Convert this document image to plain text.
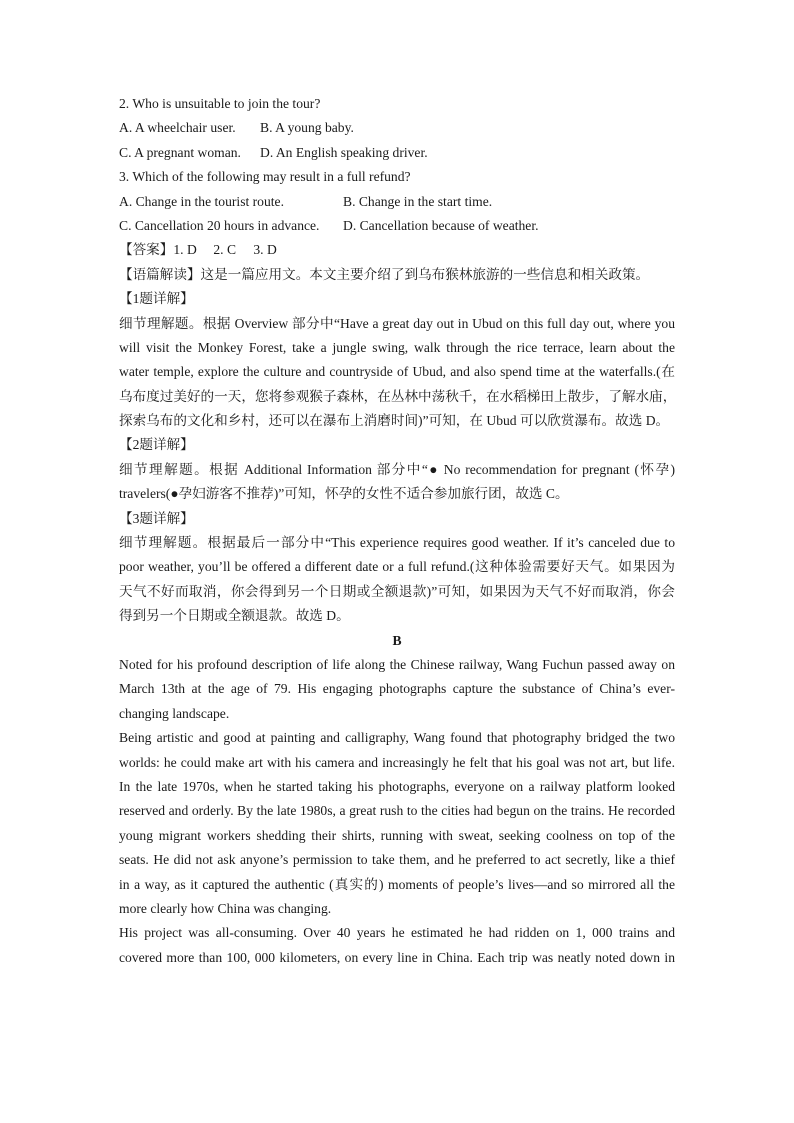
2. Who is unsuitable to join the tour?
A. A wheelchair user. B. A young baby.
C. A pregnant woman. D. An English speaking driver.
3. Which of the following may result in a full refund?
A. Change in the tourist route.	B. Change in the start time.
C. Cancellation 20 hours in advance. D. Cancellation because of weather.
【答案】1. D 2. C 3. D
【语篇解读】这是一篇应用文。本文主要介绍了到乌布猴林旅游的一些信息和相关政策。
【1题详解】
细节理解题。根据 Overview 部分中“Have a great day out in Ubud on this full day out, where you
will visit the Monkey Forest, take a jungle swing, walk through the rice terrace, learn about the
water temple, explore the culture and countryside of Ubud, and also spend time at the waterfalls.(在
乌布度过美好的一天，您将参观猴子森林，在丛林中荡秋千，在水稻梯田上散步，了解水庙，
探索乌布的文化和乡村，还可以在瀑布上消磨时间)”可知，在 Ubud 可以欣赏瀑布。故选 D。
【2题详解】
细节理解题。根据 Additional Information 部分中“● No recommendation for pregnant (怀孕)
travelers(●孕妇游客不推荐)”可知，怀孕的女性不适合参加旅行团，故选 C。
【3题详解】
细节理解题。根据最后一部分中“This experience requires good weather. If it’s canceled due to
poor weather, you’ll be offered a different date or a full refund.(这种体验需要好天气。如果因为
天气不好而取消，你会得到另一个日期或全额退款)”可知，如果因为天气不好而取消，你会
得到另一个日期或全额退款。故选 D。
B
Noted for his profound description of life along the Chinese railway, Wang Fuchun passed away on
March 13th at the age of 79. His engaging photographs capture the substance of China’s ever-
changing landscape.
Being artistic and good at painting and calligraphy, Wang found that photography bridged the two
worlds: he could make art with his camera and increasingly he felt that his goal was not art, but life.
In the late 1970s, when he started taking his photographs, everyone on a railway platform looked
reserved and orderly. By the late 1980s, a great rush to the cities had begun on the trains. He recorded
young migrant workers shedding their shirts, running with sweat, seeking coolness on top of the
seats. He did not ask anyone’s permission to take them, and he preferred to act secretly, like a thief
in a way, as it captured the authentic (真实的) moments of people’s lives—and so mirrored all the
more clearly how China was changing.
His project was all-consuming. Over 40 years he estimated he had ridden on 1, 000 trains and
covered more than 100, 000 kilometers, on every line in China. Each trip was neatly noted down in
